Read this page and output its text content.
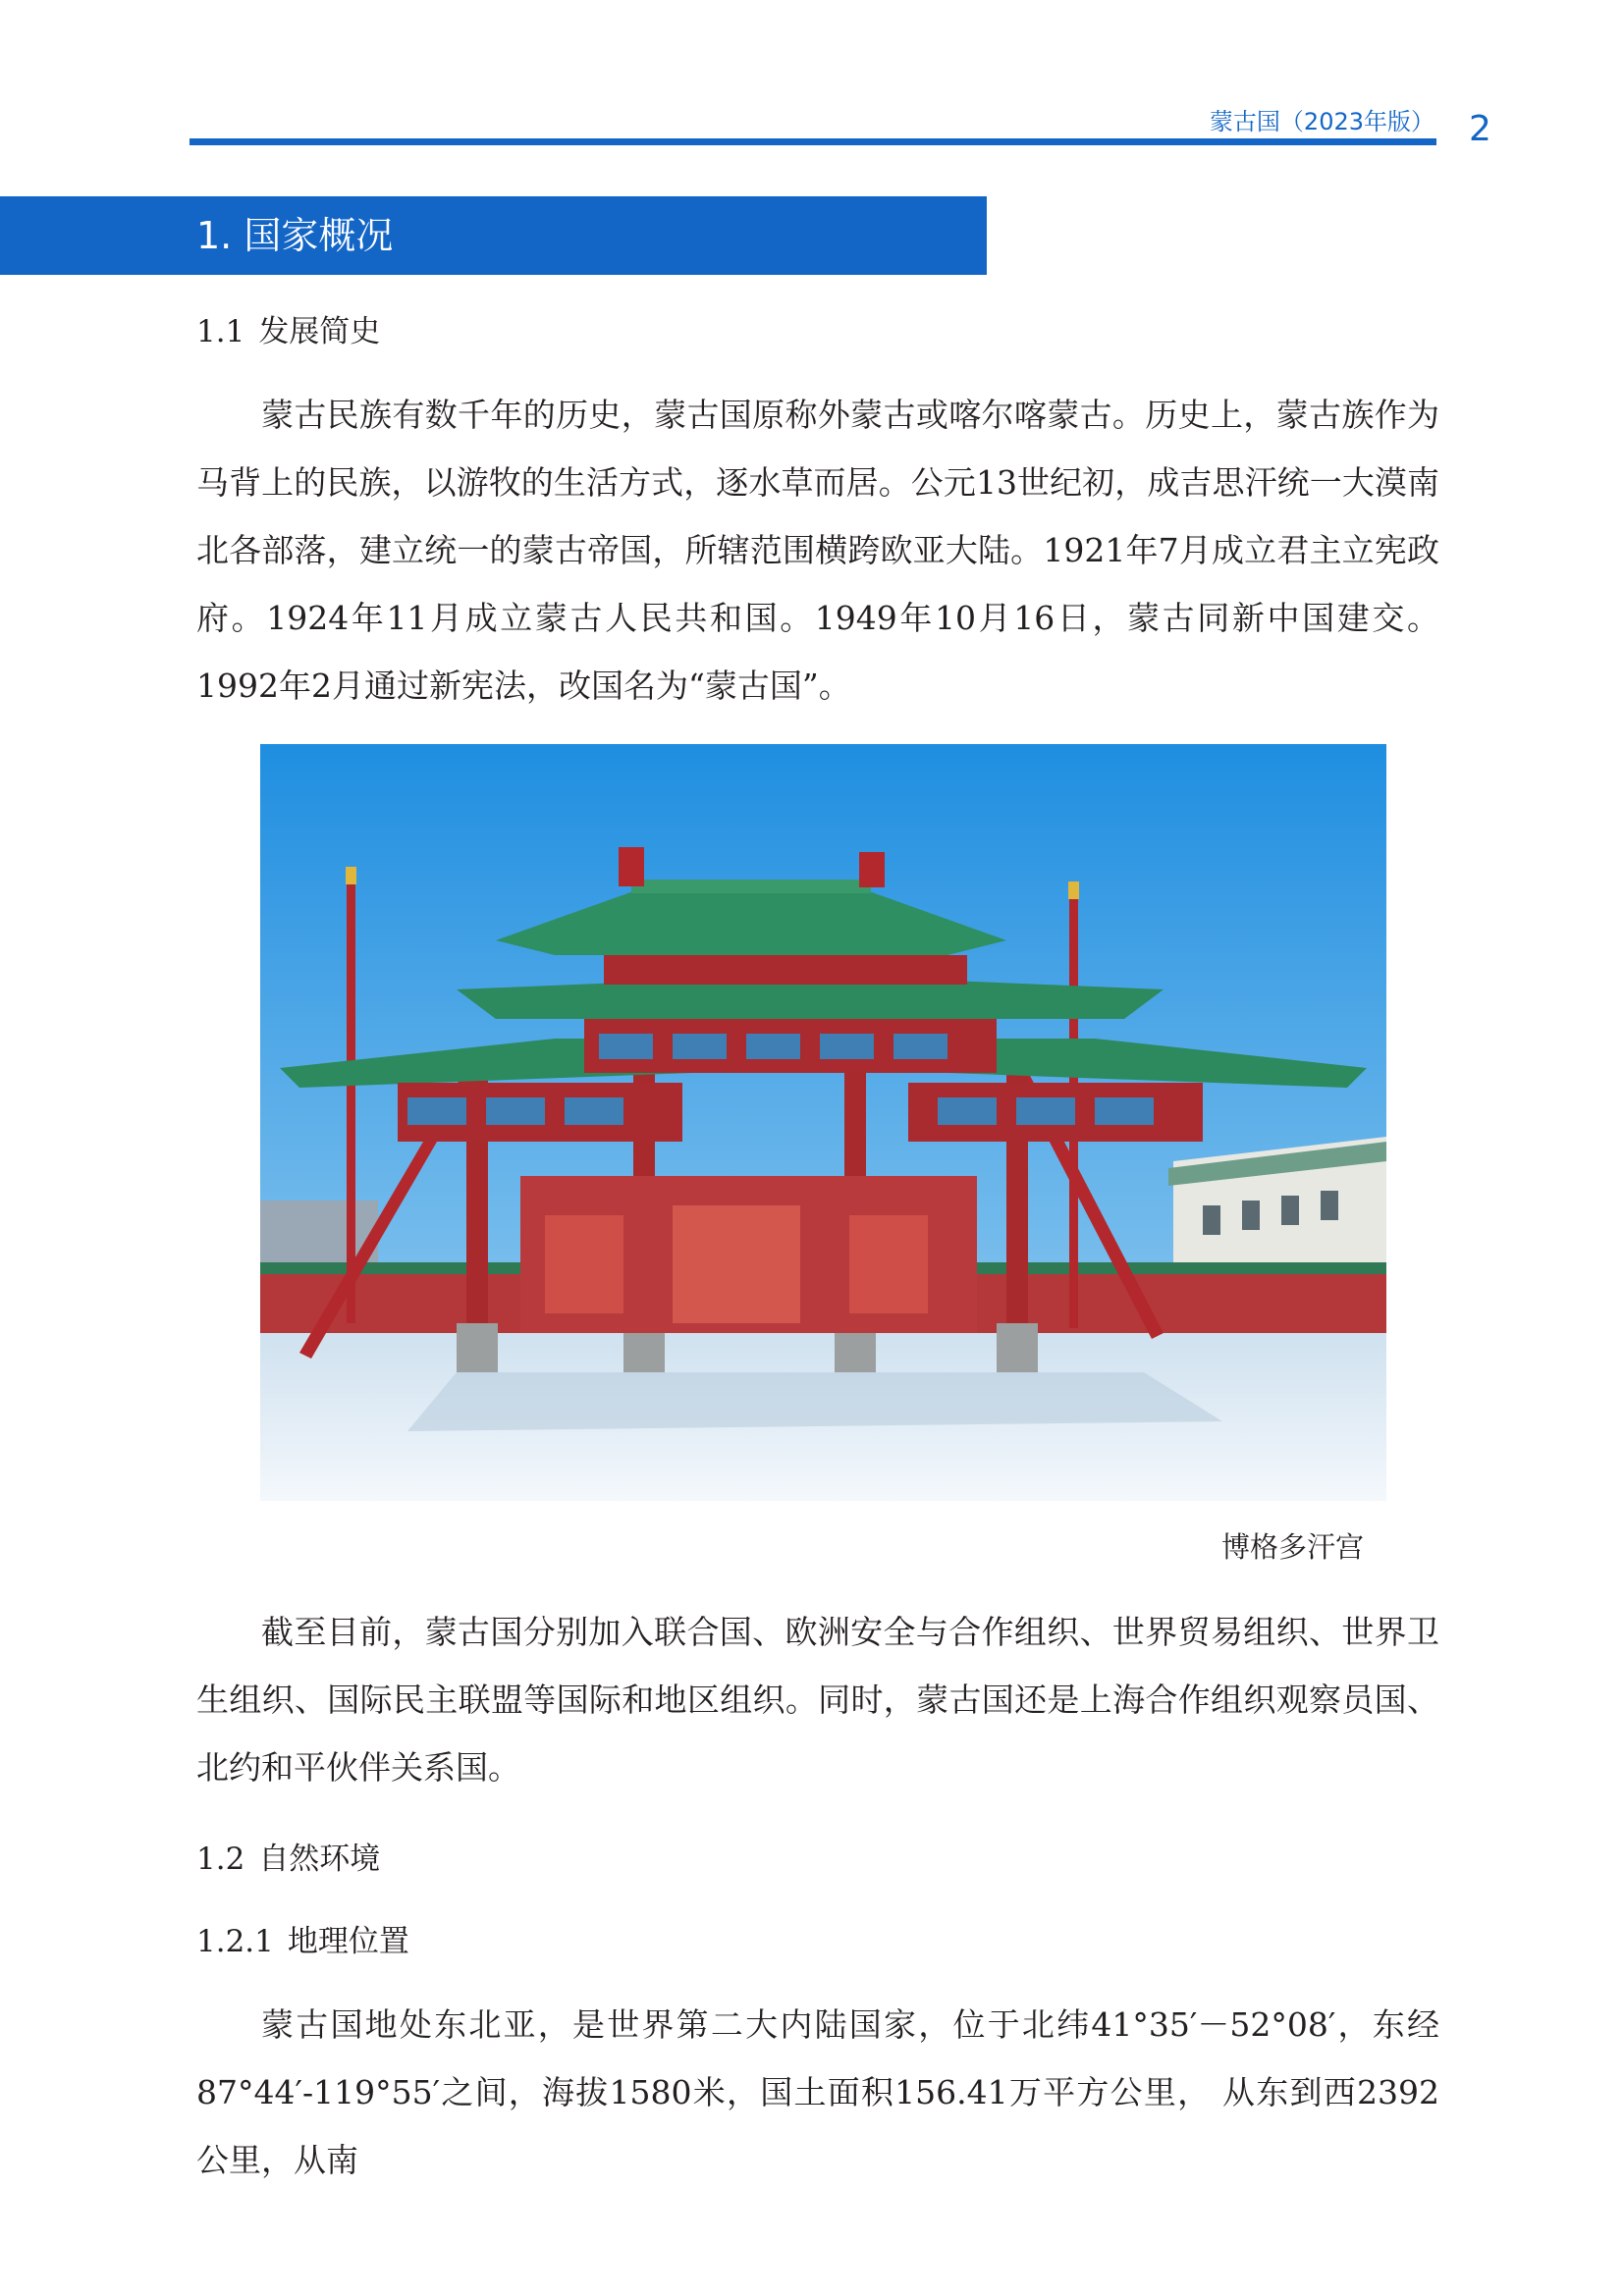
蒙古国（2023年版） 2
1. 国家概况
1.1 发展简史

蒙古民族有数千年的历史，蒙古国原称外蒙古或喀尔喀蒙古。历史上，蒙古族作为马背上的民族，以游牧的生活方式，逐水草而居。公元13世纪初，成吉思汗统一大漠南北各部落，建立统一的蒙古帝国，所辖范围横跨欧亚大陆。1921年7月成立君主立宪政府。1924年11月成立蒙古人民共和国。1949年10月16日，蒙古同新中国建交。1992年2月通过新宪法，改国名为“蒙古国”。

博格多汗宫

截至目前，蒙古国分别加入联合国、欧洲安全与合作组织、世界贸易组织、世界卫生组织、国际民主联盟等国际和地区组织。同时，蒙古国还是上海合作组织观察员国、北约和平伙伴关系国。

1.2 自然环境
1.2.1 地理位置

蒙古国地处东北亚，是世界第二大内陆国家，位于北纬41°35′－52°08′，东经87°44′-119°55′之间，海拔1580米，国土面积156.41万平方公里， 从东到西2392公里，从南
